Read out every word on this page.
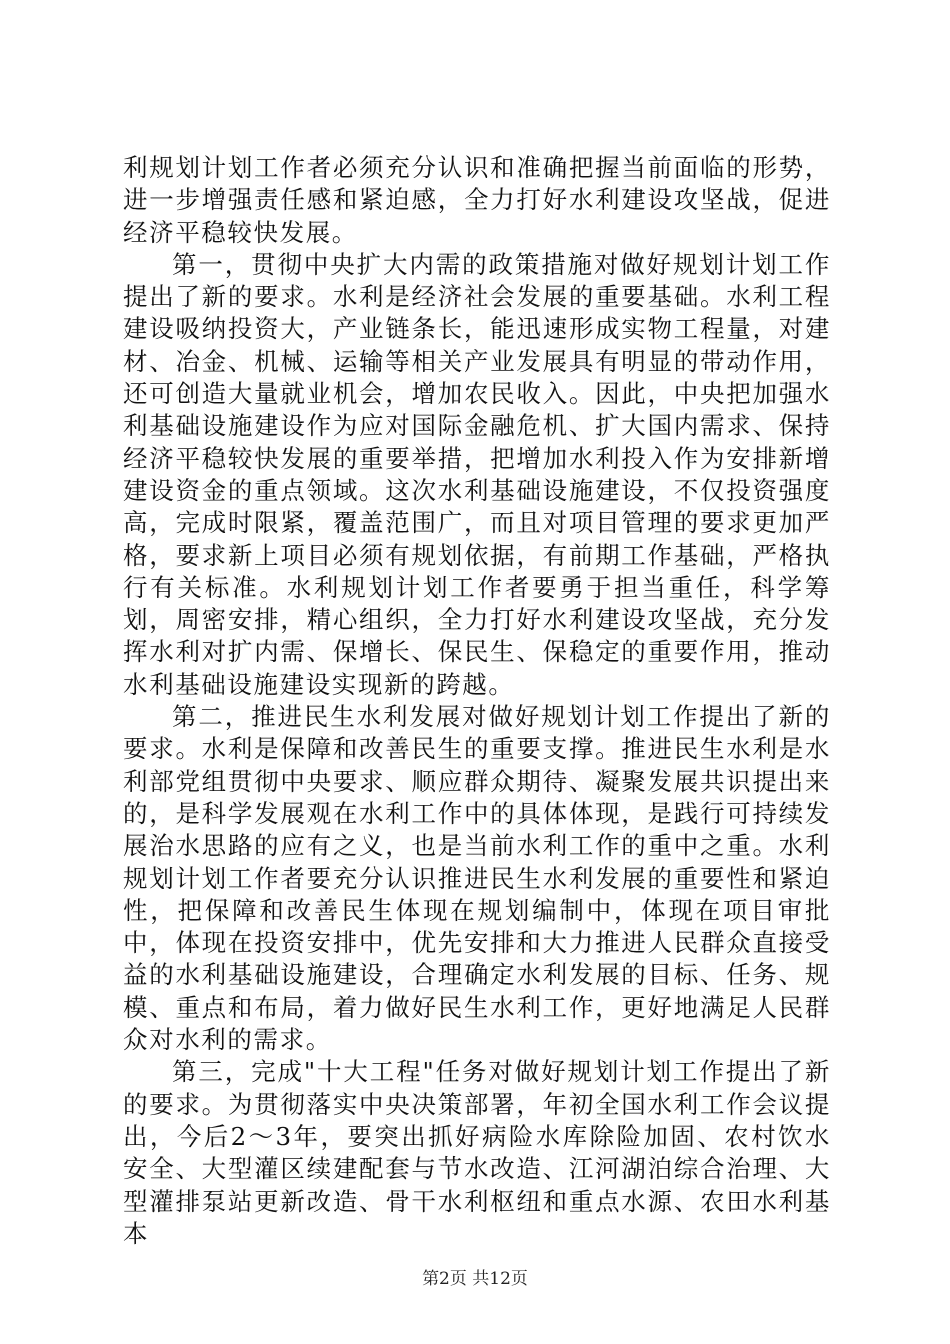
利规划计划工作者必须充分认识和准确把握当前面临的形势，进一步增强责任感和紧迫感，全力打好水利建设攻坚战，促进经济平稳较快发展。

第一，贯彻中央扩大内需的政策措施对做好规划计划工作提出了新的要求。水利是经济社会发展的重要基础。水利工程建设吸纳投资大，产业链条长，能迅速形成实物工程量，对建材、冶金、机械、运输等相关产业发展具有明显的带动作用，还可创造大量就业机会，增加农民收入。因此，中央把加强水利基础设施建设作为应对国际金融危机、扩大国内需求、保持经济平稳较快发展的重要举措，把增加水利投入作为安排新增建设资金的重点领域。这次水利基础设施建设，不仅投资强度高，完成时限紧，覆盖范围广，而且对项目管理的要求更加严格，要求新上项目必须有规划依据，有前期工作基础，严格执行有关标准。水利规划计划工作者要勇于担当重任，科学筹划，周密安排，精心组织，全力打好水利建设攻坚战，充分发挥水利对扩内需、保增长、保民生、保稳定的重要作用，推动水利基础设施建设实现新的跨越。

第二，推进民生水利发展对做好规划计划工作提出了新的要求。水利是保障和改善民生的重要支撑。推进民生水利是水利部党组贯彻中央要求、顺应群众期待、凝聚发展共识提出来的，是科学发展观在水利工作中的具体体现，是践行可持续发展治水思路的应有之义，也是当前水利工作的重中之重。水利规划计划工作者要充分认识推进民生水利发展的重要性和紧迫性，把保障和改善民生体现在规划编制中，体现在项目审批中，体现在投资安排中，优先安排和大力推进人民群众直接受益的水利基础设施建设，合理确定水利发展的目标、任务、规模、重点和布局，着力做好民生水利工作，更好地满足人民群众对水利的需求。

第三，完成"十大工程"任务对做好规划计划工作提出了新的要求。为贯彻落实中央决策部署，年初全国水利工作会议提出，今后2～3年，要突出抓好病险水库除险加固、农村饮水安全、大型灌区续建配套与节水改造、江河湖泊综合治理、大型灌排泵站更新改造、骨干水利枢纽和重点水源、农田水利基本

第2页 共12页
